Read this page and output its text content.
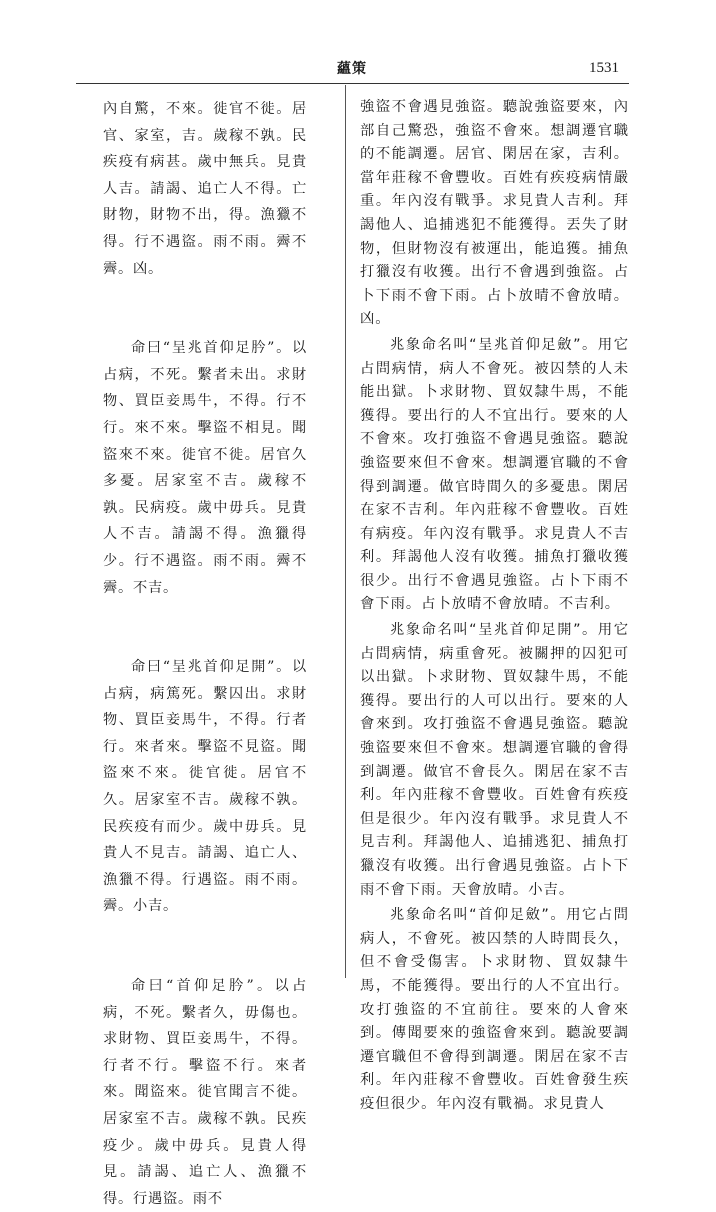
蘊策	1531

內自驚，不來。徙官不徙。居官、家室，吉。歲稼不孰。民疾疫有病甚。歲中無兵。見貴人吉。請謁、追亡人不得。亡財物，財物不出，得。漁獵不得。行不遇盜。雨不雨。霽不霽。凶。

命曰“呈兆首仰足肣”。以占病，不死。繫者未出。求財物、買臣妾馬牛，不得。行不行。來不來。擊盜不相見。聞盜來不來。徙官不徙。居官久多憂。居家室不吉。歲稼不孰。民病疫。歲中毋兵。見貴人不吉。請謁不得。漁獵得少。行不遇盜。雨不雨。霽不霽。不吉。

命曰“呈兆首仰足開”。以占病，病篤死。繫囚出。求財物、買臣妾馬牛，不得。行者行。來者來。擊盜不見盜。聞盜來不來。徙官徙。居官不久。居家室不吉。歲稼不孰。民疾疫有而少。歲中毋兵。見貴人不見吉。請謁、追亡人、漁獵不得。行遇盜。雨不雨。霽。小吉。

命曰“首仰足肣”。以占病，不死。繫者久，毋傷也。求財物、買臣妾馬牛，不得。行者不行。擊盜不行。來者來。聞盜來。徙官聞言不徙。居家室不吉。歲稼不孰。民疾疫少。歲中毋兵。見貴人得見。請謁、追亡人、漁獵不得。行遇盜。雨不

強盜不會遇見強盜。聽說強盜要來，內部自己驚恐，強盜不會來。想調遷官職的不能調遷。居官、閑居在家，吉利。當年莊稼不會豐收。百姓有疾疫病情嚴重。年內沒有戰爭。求見貴人吉利。拜謁他人、追捕逃犯不能獲得。丟失了財物，但財物沒有被運出，能追獲。捕魚打獵沒有收獲。出行不會遇到強盜。占卜下雨不會下雨。占卜放晴不會放晴。凶。

兆象命名叫“呈兆首仰足斂”。用它占問病情，病人不會死。被囚禁的人未能出獄。卜求財物、買奴隸牛馬，不能獲得。要出行的人不宜出行。要來的人不會來。攻打強盜不會遇見強盜。聽說強盜要來但不會來。想調遷官職的不會得到調遷。做官時間久的多憂患。閑居在家不吉利。年內莊稼不會豐收。百姓有病疫。年內沒有戰爭。求見貴人不吉利。拜謁他人沒有收獲。捕魚打獵收獲很少。出行不會遇見強盜。占卜下雨不會下雨。占卜放晴不會放晴。不吉利。

兆象命名叫“呈兆首仰足開”。用它占問病情，病重會死。被關押的囚犯可以出獄。卜求財物、買奴隸牛馬，不能獲得。要出行的人可以出行。要來的人會來到。攻打強盜不會遇見強盜。聽說強盜要來但不會來。想調遷官職的會得到調遷。做官不會長久。閑居在家不吉利。年內莊稼不會豐收。百姓會有疾疫但是很少。年內沒有戰爭。求見貴人不見吉利。拜謁他人、追捕逃犯、捕魚打獵沒有收獲。出行會遇見強盜。占卜下雨不會下雨。天會放晴。小吉。

兆象命名叫“首仰足斂”。用它占問病人，不會死。被囚禁的人時間長久，但不會受傷害。卜求財物、買奴隸牛馬，不能獲得。要出行的人不宜出行。攻打強盜的不宜前往。要來的人會來到。傳聞要來的強盜會來到。聽說要調遷官職但不會得到調遷。閑居在家不吉利。年內莊稼不會豐收。百姓會發生疾疫但很少。年內沒有戰禍。求見貴人
